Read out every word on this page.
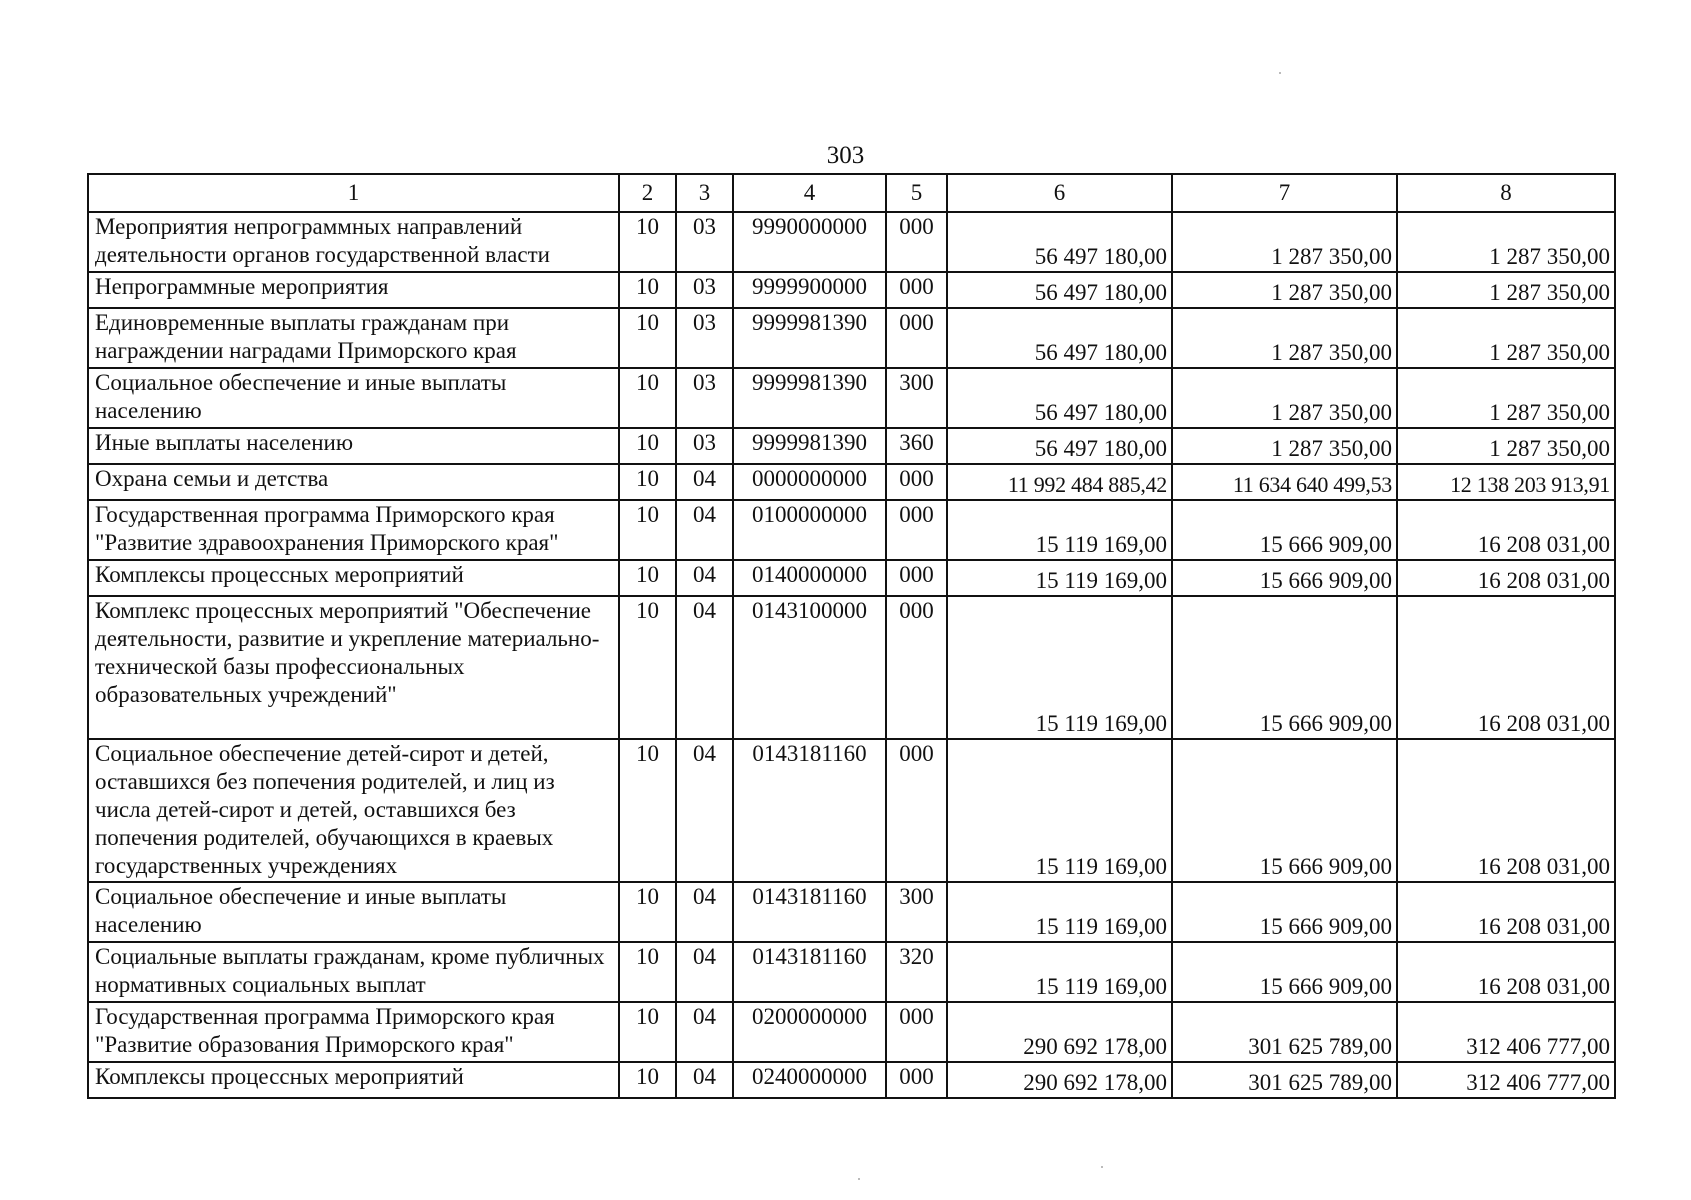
303
1	2	3	4	5	6	7	8
Мероприятия непрограммных направлений деятельности органов государственной власти	10	03	9990000000	000	56 497 180,00	1 287 350,00	1 287 350,00
Непрограммные мероприятия	10	03	9999900000	000	56 497 180,00	1 287 350,00	1 287 350,00
Единовременные выплаты гражданам при награждении наградами Приморского края	10	03	9999981390	000	56 497 180,00	1 287 350,00	1 287 350,00
Социальное обеспечение и иные выплаты населению	10	03	9999981390	300	56 497 180,00	1 287 350,00	1 287 350,00
Иные выплаты населению	10	03	9999981390	360	56 497 180,00	1 287 350,00	1 287 350,00
Охрана семьи и детства	10	04	0000000000	000	11 992 484 885,42	11 634 640 499,53	12 138 203 913,91
Государственная программа Приморского края "Развитие здравоохранения Приморского края"	10	04	0100000000	000	15 119 169,00	15 666 909,00	16 208 031,00
Комплексы процессных мероприятий	10	04	0140000000	000	15 119 169,00	15 666 909,00	16 208 031,00
Комплекс процессных мероприятий "Обеспечение деятельности, развитие и укрепление материально-технической базы профессиональных образовательных учреждений"	10	04	0143100000	000	15 119 169,00	15 666 909,00	16 208 031,00
Социальное обеспечение детей-сирот и детей, оставшихся без попечения родителей, и лиц из числа детей-сирот и детей, оставшихся без попечения родителей, обучающихся в краевых государственных учреждениях	10	04	0143181160	000	15 119 169,00	15 666 909,00	16 208 031,00
Социальное обеспечение и иные выплаты населению	10	04	0143181160	300	15 119 169,00	15 666 909,00	16 208 031,00
Социальные выплаты гражданам, кроме публичных нормативных социальных выплат	10	04	0143181160	320	15 119 169,00	15 666 909,00	16 208 031,00
Государственная программа Приморского края "Развитие образования Приморского края"	10	04	0200000000	000	290 692 178,00	301 625 789,00	312 406 777,00
Комплексы процессных мероприятий	10	04	0240000000	000	290 692 178,00	301 625 789,00	312 406 777,00
